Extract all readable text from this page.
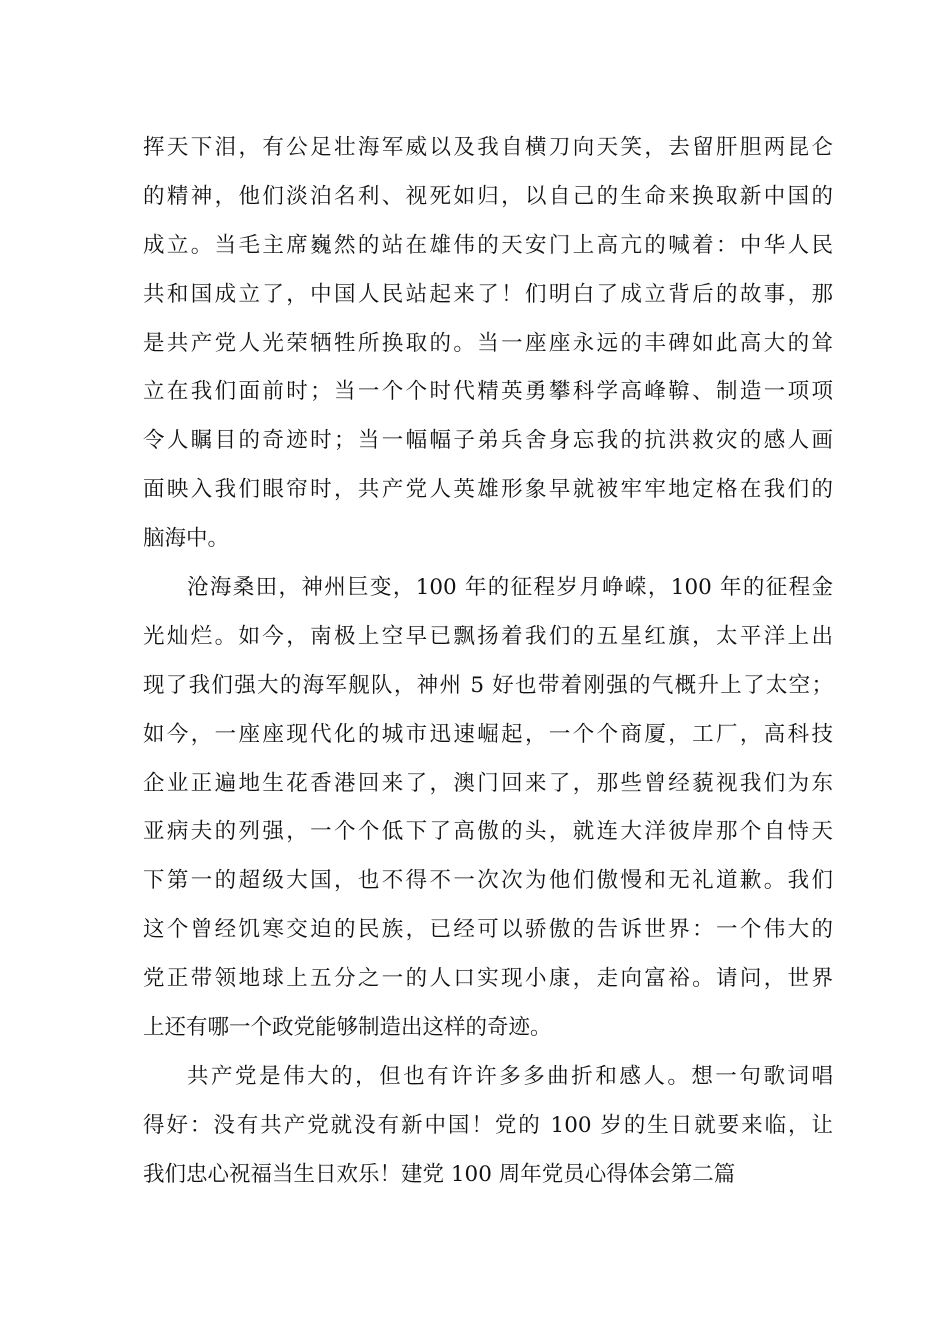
挥天下泪，有公足壮海军威以及我自横刀向天笑，去留肝胆两昆仑
的精神，他们淡泊名利、视死如归，以自己的生命来换取新中国的
成立。当毛主席巍然的站在雄伟的天安门上高亢的喊着：中华人民
共和国成立了，中国人民站起来了！们明白了成立背后的故事，那
是共产党人光荣牺牲所换取的。当一座座永远的丰碑如此高大的耸
立在我们面前时；当一个个时代精英勇攀科学高峰鞥、制造一项项
令人瞩目的奇迹时；当一幅幅子弟兵舍身忘我的抗洪救灾的感人画
面映入我们眼帘时，共产党人英雄形象早就被牢牢地定格在我们的
脑海中。
沧海桑田，神州巨变，100 年的征程岁月峥嵘，100 年的征程金
光灿烂。如今，南极上空早已飘扬着我们的五星红旗，太平洋上出
现了我们强大的海军舰队，神州 5 好也带着刚强的气概升上了太空；
如今，一座座现代化的城市迅速崛起，一个个商厦，工厂，高科技
企业正遍地生花香港回来了，澳门回来了，那些曾经藐视我们为东
亚病夫的列强，一个个低下了高傲的头，就连大洋彼岸那个自恃天
下第一的超级大国，也不得不一次次为他们傲慢和无礼道歉。我们
这个曾经饥寒交迫的民族，已经可以骄傲的告诉世界：一个伟大的
党正带领地球上五分之一的人口实现小康，走向富裕。请问，世界
上还有哪一个政党能够制造出这样的奇迹。
共产党是伟大的，但也有许许多多曲折和感人。想一句歌词唱
得好：没有共产党就没有新中国！党的 100 岁的生日就要来临，让
我们忠心祝福当生日欢乐！建党 100 周年党员心得体会第二篇
